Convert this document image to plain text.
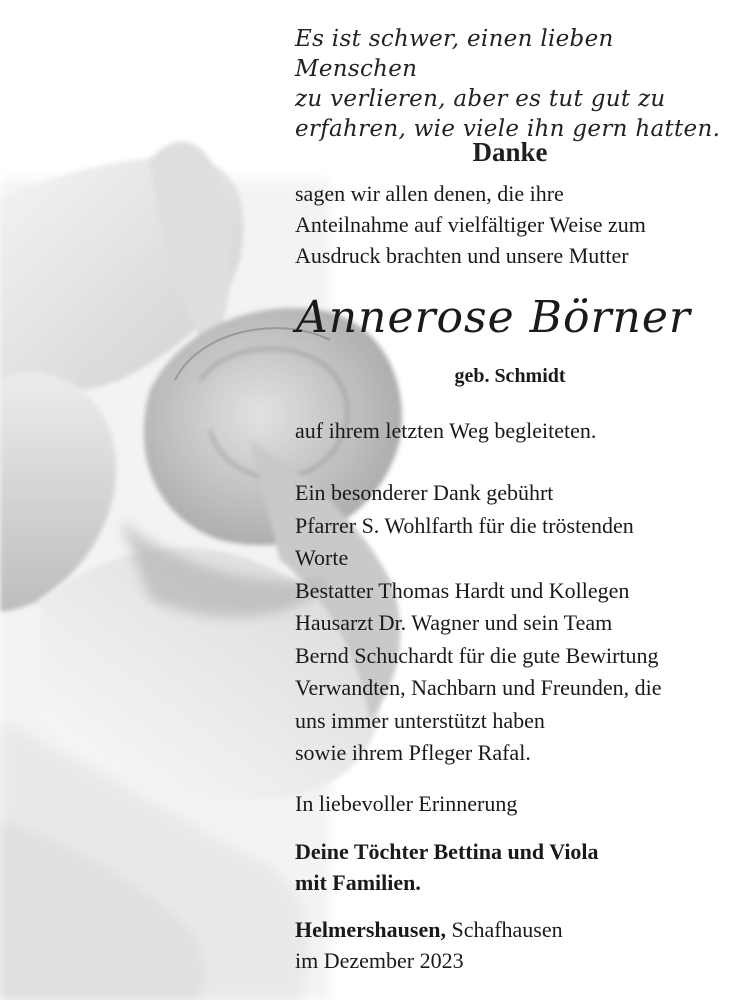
Es ist schwer, einen lieben Menschen
zu verlieren, aber es tut gut zu
erfahren, wie viele ihn gern hatten.
Danke
sagen wir allen denen, die ihre
Anteilnahme auf vielfältiger Weise zum
Ausdruck brachten und unsere Mutter
Annerose Börner
geb. Schmidt
auf ihrem letzten Weg begleiteten.
Ein besonderer Dank gebührt
Pfarrer S. Wohlfarth für die tröstenden
Worte
Bestatter Thomas Hardt und Kollegen
Hausarzt Dr. Wagner und sein Team
Bernd Schuchardt für die gute Bewirtung
Verwandten, Nachbarn und Freunden, die
uns immer unterstützt haben
sowie ihrem Pfleger Rafal.
In liebevoller Erinnerung
Deine Töchter Bettina und Viola
mit Familien.
Helmershausen, Schafhausen
im Dezember 2023
